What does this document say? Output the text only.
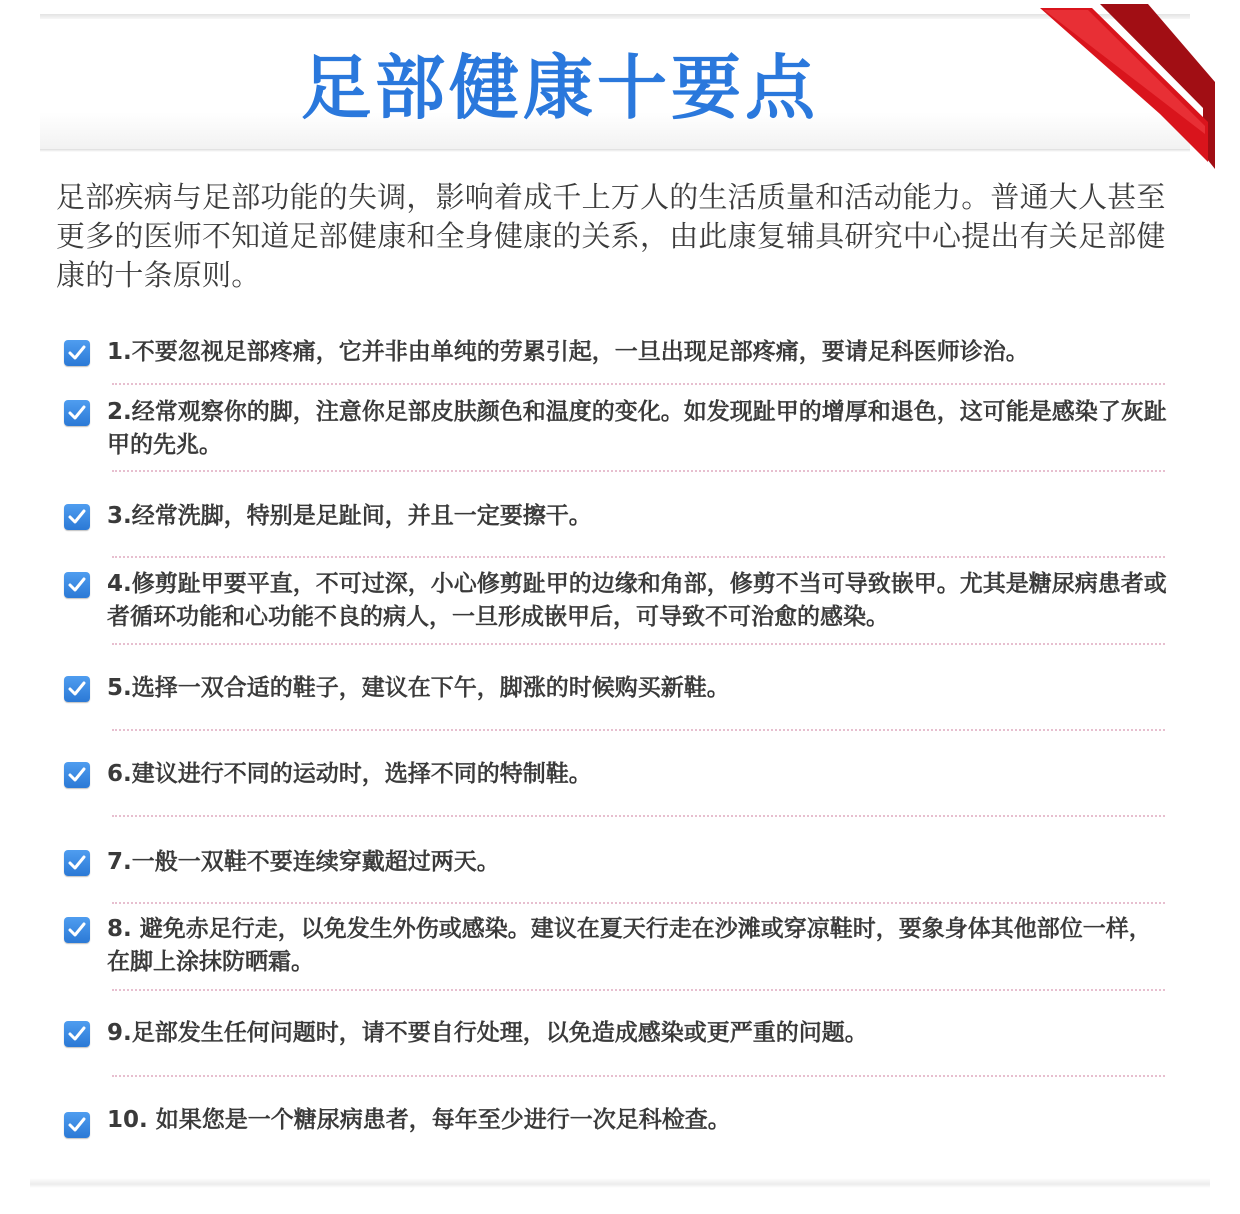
足部健康十要点

足部疾病与足部功能的失调，影响着成千上万人的生活质量和活动能力。普通大人甚至更多的医师不知道足部健康和全身健康的关系，由此康复辅具研究中心提出有关足部健康的十条原则。

1.不要忽视足部疼痛，它并非由单纯的劳累引起，一旦出现足部疼痛，要请足科医师诊治。

2.经常观察你的脚，注意你足部皮肤颜色和温度的变化。如发现趾甲的增厚和退色，这可能是感染了灰趾甲的先兆。

3.经常洗脚，特别是足趾间，并且一定要擦干。

4.修剪趾甲要平直，不可过深，小心修剪趾甲的边缘和角部，修剪不当可导致嵌甲。尤其是糖尿病患者或者循环功能和心功能不良的病人，一旦形成嵌甲后，可导致不可治愈的感染。

5.选择一双合适的鞋子，建议在下午，脚涨的时候购买新鞋。

6.建议进行不同的运动时，选择不同的特制鞋。

7.一般一双鞋不要连续穿戴超过两天。

8. 避免赤足行走，以免发生外伤或感染。建议在夏天行走在沙滩或穿凉鞋时，要象身体其他部位一样，在脚上涂抹防晒霜。

9.足部发生任何问题时，请不要自行处理，以免造成感染或更严重的问题。

10. 如果您是一个糖尿病患者，每年至少进行一次足科检查。
